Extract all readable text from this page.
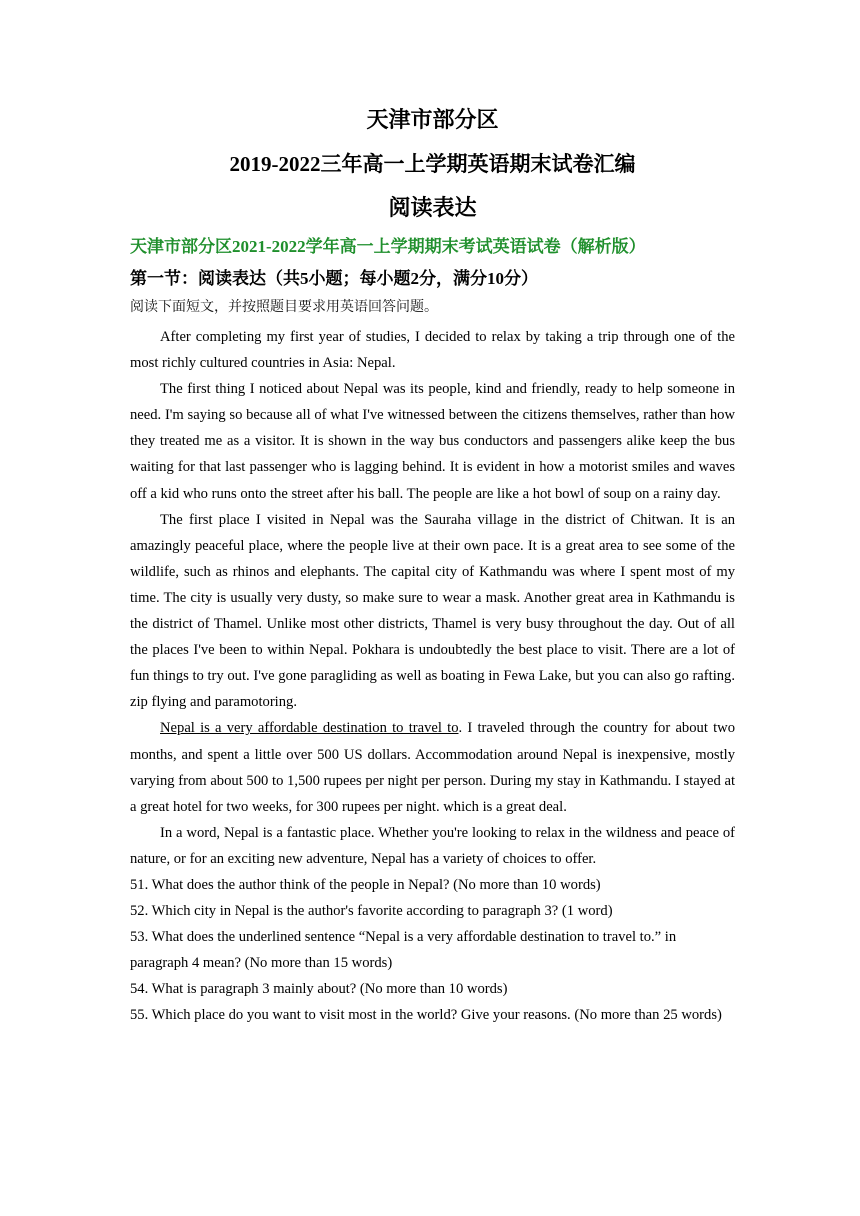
天津市部分区
2019-2022三年高一上学期英语期末试卷汇编
阅读表达

天津市部分区2021-2022学年高一上学期期末考试英语试卷（解析版）

第一节：阅读表达（共5小题；每小题2分，满分10分）

阅读下面短文，并按照题目要求用英语回答问题。

After completing my first year of studies, I decided to relax by taking a trip through one of the most richly cultured countries in Asia: Nepal.

The first thing I noticed about Nepal was its people, kind and friendly, ready to help someone in need. I'm saying so because all of what I've witnessed between the citizens themselves, rather than how they treated me as a visitor. It is shown in the way bus conductors and passengers alike keep the bus waiting for that last passenger who is lagging behind. It is evident in how a motorist smiles and waves off a kid who runs onto the street after his ball. The people are like a hot bowl of soup on a rainy day.

The first place I visited in Nepal was the Sauraha village in the district of Chitwan. It is an amazingly peaceful place, where the people live at their own pace. It is a great area to see some of the wildlife, such as rhinos and elephants. The capital city of Kathmandu was where I spent most of my time. The city is usually very dusty, so make sure to wear a mask. Another great area in Kathmandu is the district of Thamel. Unlike most other districts, Thamel is very busy throughout the day. Out of all the places I've been to within Nepal. Pokhara is undoubtedly the best place to visit. There are a lot of fun things to try out. I've gone paragliding as well as boating in Fewa Lake, but you can also go rafting. zip flying and paramotoring.

Nepal is a very affordable destination to travel to. I traveled through the country for about two months, and spent a little over 500 US dollars. Accommodation around Nepal is inexpensive, mostly varying from about 500 to 1,500 rupees per night per person. During my stay in Kathmandu. I stayed at a great hotel for two weeks, for 300 rupees per night. which is a great deal.

In a word, Nepal is a fantastic place. Whether you're looking to relax in the wildness and peace of nature, or for an exciting new adventure, Nepal has a variety of choices to offer.

51. What does the author think of the people in Nepal? (No more than 10 words)

52. Which city in Nepal is the author's favorite according to paragraph 3? (1 word)

53. What does the underlined sentence “Nepal is a very affordable destination to travel to.” in paragraph 4 mean? (No more than 15 words)

54. What is paragraph 3 mainly about? (No more than 10 words)

55. Which place do you want to visit most in the world? Give your reasons. (No more than 25 words)
